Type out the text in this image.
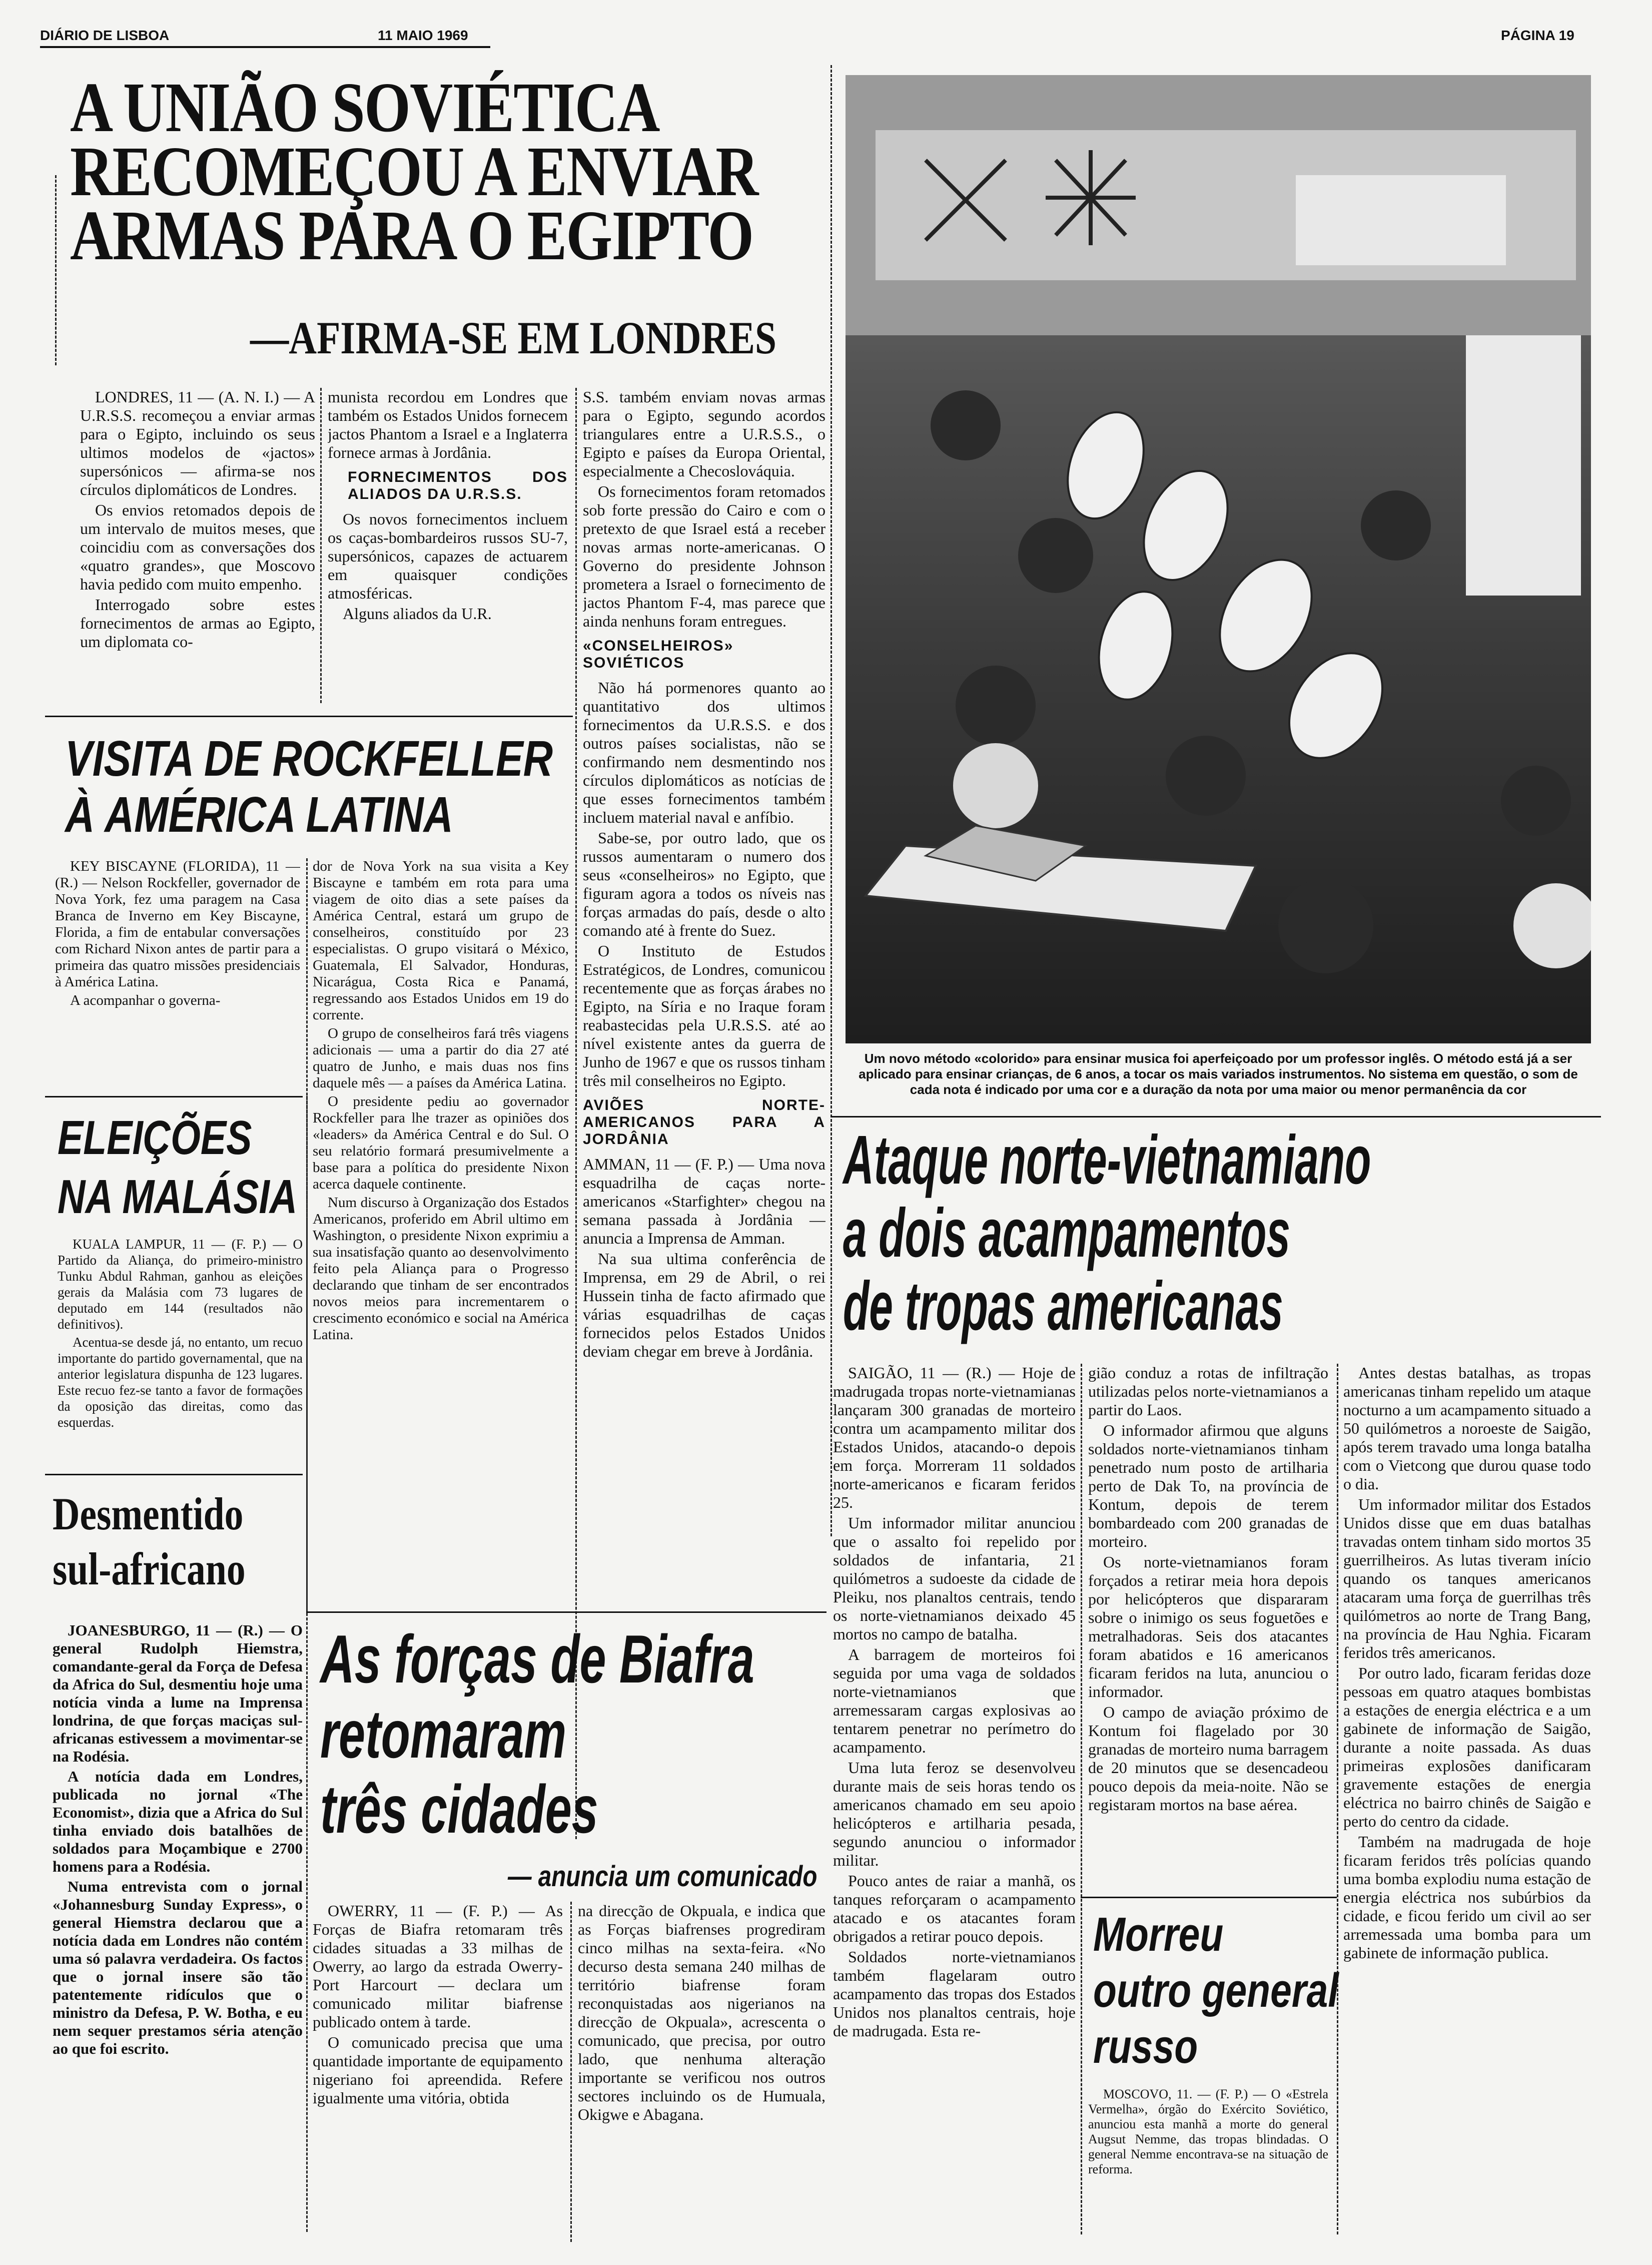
DIÁRIO DE LISBOA	11 MAIO 1969	PÁGINA 19
A UNIÃO SOVIÉTICA
RECOMEÇOU A ENVIAR
ARMAS PARA O EGIPTO
—AFIRMA-SE EM LONDRES

LONDRES, 11 — (A. N. I.) — A U.R.S.S. recomeçou a enviar armas para o Egipto, incluindo os seus ultimos modelos de «jactos» supersónicos — afirma-se nos círculos diplomáticos de Londres.

Os envios retomados depois de um intervalo de muitos meses, que coincidiu com as conversações dos «quatro grandes», que Moscovo havia pedido com muito empenho.

Interrogado sobre estes fornecimentos de armas ao Egipto, um diplomata co-

munista recordou em Londres que também os Estados Unidos fornecem jactos Phantom a Israel e a Inglaterra fornece armas à Jordânia.

FORNECIMENTOS DOS ALIADOS DA U.R.S.S.

Os novos fornecimentos incluem os caças-bombardeiros russos SU-7, supersónicos, capazes de actuarem em quaisquer condições atmosféricas.

Alguns aliados da U.R.

S.S. também enviam novas armas para o Egipto, segundo acordos triangulares entre a U.R.S.S., o Egipto e países da Europa Oriental, especialmente a Checoslováquia.

Os fornecimentos foram retomados sob forte pressão do Cairo e com o pretexto de que Israel está a receber novas armas norte-americanas. O Governo do presidente Johnson prometera a Israel o fornecimento de jactos Phantom F-4, mas parece que ainda nenhuns foram entregues.

«CONSELHEIROS» SOVIÉTICOS

Não há pormenores quanto ao quantitativo dos ultimos fornecimentos da U.R.S.S. e dos outros países socialistas, não se confirmando nem desmentindo nos círculos diplomáticos as notícias de que esses fornecimentos também incluem material naval e anfíbio.

Sabe-se, por outro lado, que os russos aumentaram o numero dos seus «conselheiros» no Egipto, que figuram agora a todos os níveis nas forças armadas do país, desde o alto comando até à frente do Suez.

O Instituto de Estudos Estratégicos, de Londres, comunicou recentemente que as forças árabes no Egipto, na Síria e no Iraque foram reabastecidas pela U.R.S.S. até ao nível existente antes da guerra de Junho de 1967 e que os russos tinham três mil conselheiros no Egipto.

AVIÕES NORTE-AMERICANOS PARA A JORDÂNIA

AMMAN, 11 — (F. P.) — Uma nova esquadrilha de caças norte-americanos «Starfighter» chegou na semana passada à Jordânia — anuncia a Imprensa de Amman.

Na sua ultima conferência de Imprensa, em 29 de Abril, o rei Hussein tinha de facto afirmado que várias esquadrilhas de caças fornecidos pelos Estados Unidos deviam chegar em breve à Jordânia.

Um novo método «colorido» para ensinar musica foi aperfeiçoado por um professor inglês. O método está já a ser aplicado para ensinar crianças, de 6 anos, a tocar os mais variados instrumentos. No sistema em questão, o som de cada nota é indicado por uma cor e a duração da nota por uma maior ou menor permanência da cor
VISITA DE ROCKFELLER
À AMÉRICA LATINA

KEY BISCAYNE (FLORIDA), 11 — (R.) — Nelson Rockfeller, governador de Nova York, fez uma paragem na Casa Branca de Inverno em Key Biscayne, Florida, a fim de entabular conversações com Richard Nixon antes de partir para a primeira das quatro missões presidenciais à América Latina.

A acompanhar o governa-

dor de Nova York na sua visita a Key Biscayne e também em rota para uma viagem de oito dias a sete países da América Central, estará um grupo de conselheiros, constituído por 23 especialistas. O grupo visitará o México, Guatemala, El Salvador, Honduras, Nicarágua, Costa Rica e Panamá, regressando aos Estados Unidos em 19 do corrente.

O grupo de conselheiros fará três viagens adicionais — uma a partir do dia 27 até quatro de Junho, e mais duas nos fins daquele mês — a países da América Latina.

O presidente pediu ao governador Rockfeller para lhe trazer as opiniões dos «leaders» da América Central e do Sul. O seu relatório formará presumivelmente a base para a política do presidente Nixon acerca daquele continente.

Num discurso à Organização dos Estados Americanos, proferido em Abril ultimo em Washington, o presidente Nixon exprimiu a sua insatisfação quanto ao desenvolvimento feito pela Aliança para o Progresso declarando que tinham de ser encontrados novos meios para incrementarem o crescimento económico e social na América Latina.

ELEIÇÕES
NA MALÁSIA

KUALA LAMPUR, 11 — (F. P.) — O Partido da Aliança, do primeiro-ministro Tunku Abdul Rahman, ganhou as eleições gerais da Malásia com 73 lugares de deputado em 144 (resultados não definitivos).

Acentua-se desde já, no entanto, um recuo importante do partido governamental, que na anterior legislatura dispunha de 123 lugares. Este recuo fez-se tanto a favor de formações da oposição das direitas, como das esquerdas.

Desmentido
sul-africano

JOANESBURGO, 11 — (R.) — O general Rudolph Hiemstra, comandante-geral da Força de Defesa da Africa do Sul, desmentiu hoje uma notícia vinda a lume na Imprensa londrina, de que forças maciças sul-africanas estivessem a movimentar-se na Rodésia.

A notícia dada em Londres, publicada no jornal «The Economist», dizia que a Africa do Sul tinha enviado dois batalhões de soldados para Moçambique e 2700 homens para a Rodésia.

Numa entrevista com o jornal «Johannesburg Sunday Express», o general Hiemstra declarou que a notícia dada em Londres não contém uma só palavra verdadeira. Os factos que o jornal insere são tão patentemente ridículos que o ministro da Defesa, P. W. Botha, e eu nem sequer prestamos séria atenção ao que foi escrito.

As forças de Biafra
retomaram
três cidades
— anuncia um comunicado

OWERRY, 11 — (F. P.) — As Forças de Biafra retomaram três cidades situadas a 33 milhas de Owerry, ao largo da estrada Owerry-Port Harcourt — declara um comunicado militar biafrense publicado ontem à tarde.

O comunicado precisa que uma quantidade importante de equipamento nigeriano foi apreendida. Refere igualmente uma vitória, obtida

na direcção de Okpuala, e indica que as Forças biafrenses progrediram cinco milhas na sexta-feira. «No decurso desta semana 240 milhas de território biafrense foram reconquistadas aos nigerianos na direcção de Okpuala», acrescenta o comunicado, que precisa, por outro lado, que nenhuma alteração importante se verificou nos outros sectores incluindo os de Humuala, Okigwe e Abagana.

Ataque norte-vietnamiano
a dois acampamentos
de tropas americanas

SAIGÃO, 11 — (R.) — Hoje de madrugada tropas norte-vietnamianas lançaram 300 granadas de morteiro contra um acampamento militar dos Estados Unidos, atacando-o depois em força. Morreram 11 soldados norte-americanos e ficaram feridos 25.

Um informador militar anunciou que o assalto foi repelido por soldados de infantaria, 21 quilómetros a sudoeste da cidade de Pleiku, nos planaltos centrais, tendo os norte-vietnamianos deixado 45 mortos no campo de batalha.

A barragem de morteiros foi seguida por uma vaga de soldados norte-vietnamianos que arremessaram cargas explosivas ao tentarem penetrar no perímetro do acampamento.

Uma luta feroz se desenvolveu durante mais de seis horas tendo os americanos chamado em seu apoio helicópteros e artilharia pesada, segundo anunciou o informador militar.

Pouco antes de raiar a manhã, os tanques reforçaram o acampamento atacado e os atacantes foram obrigados a retirar pouco depois.

Soldados norte-vietnamianos também flagelaram outro acampamento das tropas dos Estados Unidos nos planaltos centrais, hoje de madrugada. Esta re-

gião conduz a rotas de infiltração utilizadas pelos norte-vietnamianos a partir do Laos.

O informador afirmou que alguns soldados norte-vietnamianos tinham penetrado num posto de artilharia perto de Dak To, na província de Kontum, depois de terem bombardeado com 200 granadas de morteiro.

Os norte-vietnamianos foram forçados a retirar meia hora depois por helicópteros que dispararam sobre o inimigo os seus foguetões e metralhadoras. Seis dos atacantes foram abatidos e 16 americanos ficaram feridos na luta, anunciou o informador.

O campo de aviação próximo de Kontum foi flagelado por 30 granadas de morteiro numa barragem de 20 minutos que se desencadeou pouco depois da meia-noite. Não se registaram mortos na base aérea.

Antes destas batalhas, as tropas americanas tinham repelido um ataque nocturno a um acampamento situado a 50 quilómetros a noroeste de Saigão, após terem travado uma longa batalha com o Vietcong que durou quase todo o dia.

Um informador militar dos Estados Unidos disse que em duas batalhas travadas ontem tinham sido mortos 35 guerrilheiros. As lutas tiveram início quando os tanques americanos atacaram uma força de guerrilhas três quilómetros ao norte de Trang Bang, na província de Hau Nghia. Ficaram feridos três americanos.

Por outro lado, ficaram feridas doze pessoas em quatro ataques bombistas a estações de energia eléctrica e a um gabinete de informação de Saigão, durante a noite passada. As duas primeiras explosões danificaram gravemente estações de energia eléctrica no bairro chinês de Saigão e perto do centro da cidade.

Também na madrugada de hoje ficaram feridos três polícias quando uma bomba explodiu numa estação de energia eléctrica nos subúrbios da cidade, e ficou ferido um civil ao ser arremessada uma bomba para um gabinete de informação publica.

Morreu
outro general
russo

MOSCOVO, 11. — (F. P.) — O «Estrela Vermelha», órgão do Exército Soviético, anunciou esta manhã a morte do general Augsut Nemme, das tropas blindadas. O general Nemme encontrava-se na situação de reforma.
